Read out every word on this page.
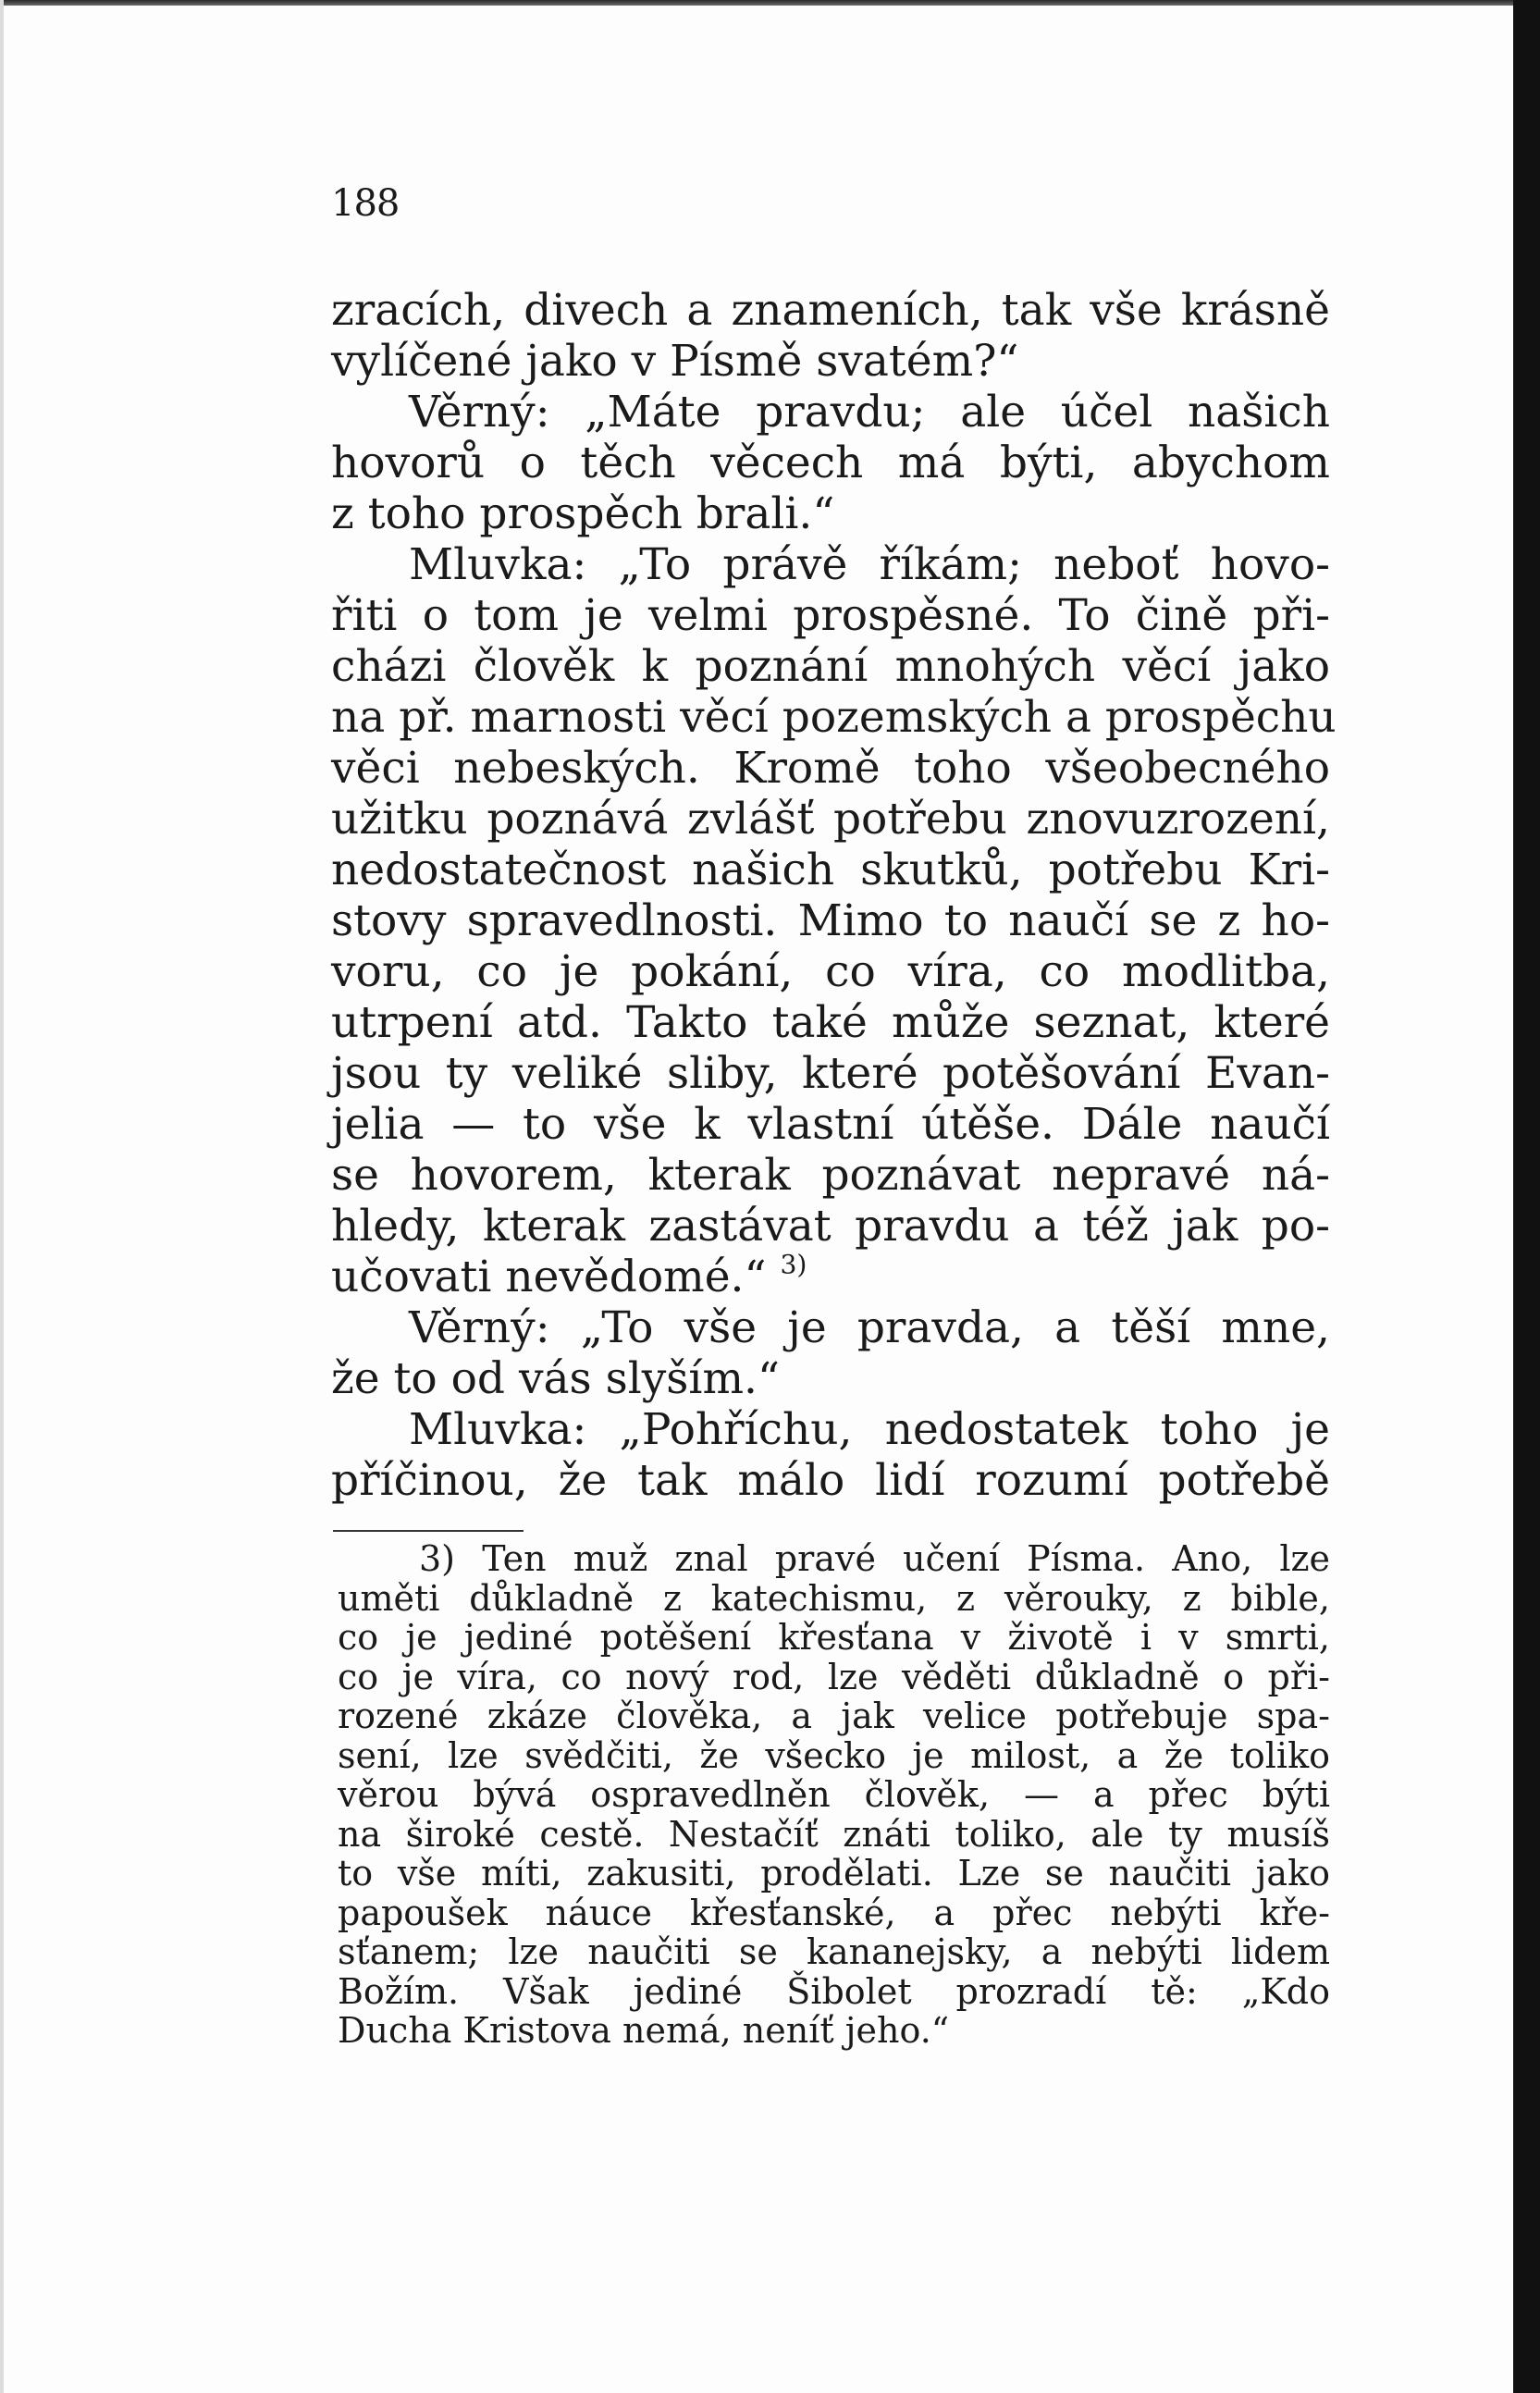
188
zracích, divech a znameních, tak vše krásně
vylíčené jako v Písmě svatém?“
Věrný: „Máte pravdu; ale účel našich
hovorů o těch věcech má býti, abychom
z toho prospěch brali.“
Mluvka: „To právě říkám; neboť hovo-
řiti o tom je velmi prospěsné. To čině při-
cházi člověk k poznání mnohých věcí jako
na př. marnosti věcí pozemských a prospěchu
věci nebeských. Kromě toho všeobecného
užitku poznává zvlášť potřebu znovuzrození,
nedostatečnost našich skutků, potřebu Kri-
stovy spravedlnosti. Mimo to naučí se z ho-
voru, co je pokání, co víra, co modlitba,
utrpení atd. Takto také může seznat, které
jsou ty veliké sliby, které potěšování Evan-
jelia — to vše k vlastní útěše. Dále naučí
se hovorem, kterak poznávat nepravé ná-
hledy, kterak zastávat pravdu a též jak po-
učovati nevědomé.“ $^{3)}$
Věrný: „To vše je pravda, a těší mne,
že to od vás slyším.“
Mluvka: „Pohříchu, nedostatek toho je
příčinou, že tak málo lidí rozumí potřebě
3) Ten muž znal pravé učení Písma. Ano, lze
uměti důkladně z katechismu, z věrouky, z bible,
co je jediné potěšení křesťana v životě i v smrti,
co je víra, co nový rod, lze věděti důkladně o při-
rozené zkáze člověka, a jak velice potřebuje spa-
sení, lze svědčiti, že všecko je milost, a že toliko
věrou bývá ospravedlněn člověk, — a přec býti
na široké cestě. Nestačíť znáti toliko, ale ty musíš
to vše míti, zakusiti, prodělati. Lze se naučiti jako
papoušek náuce křesťanské, a přec nebýti kře-
sťanem; lze naučiti se kananejsky, a nebýti lidem
Božím. Však jediné Šibolet prozradí tě: „Kdo
Ducha Kristova nemá, neníť jeho.“
